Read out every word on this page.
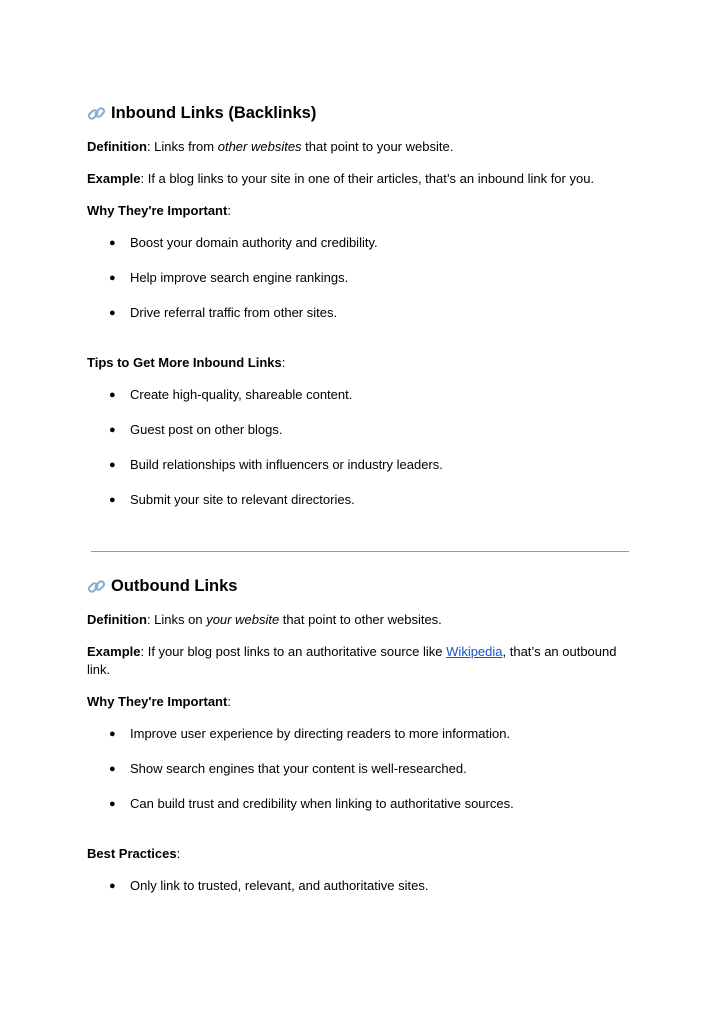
Inbound Links (Backlinks)

Definition: Links from other websites that point to your website.

Example: If a blog links to your site in one of their articles, that’s an inbound link for you.

Why They're Important:

● Boost your domain authority and credibility.
● Help improve search engine rankings.
● Drive referral traffic from other sites.

Tips to Get More Inbound Links:

● Create high-quality, shareable content.
● Guest post on other blogs.
● Build relationships with influencers or industry leaders.
● Submit your site to relevant directories.
Outbound Links

Definition: Links on your website that point to other websites.

Example: If your blog post links to an authoritative source like Wikipedia, that’s an outbound link.

Why They're Important:

● Improve user experience by directing readers to more information.
● Show search engines that your content is well-researched.
● Can build trust and credibility when linking to authoritative sources.

Best Practices:

● Only link to trusted, relevant, and authoritative sites.
